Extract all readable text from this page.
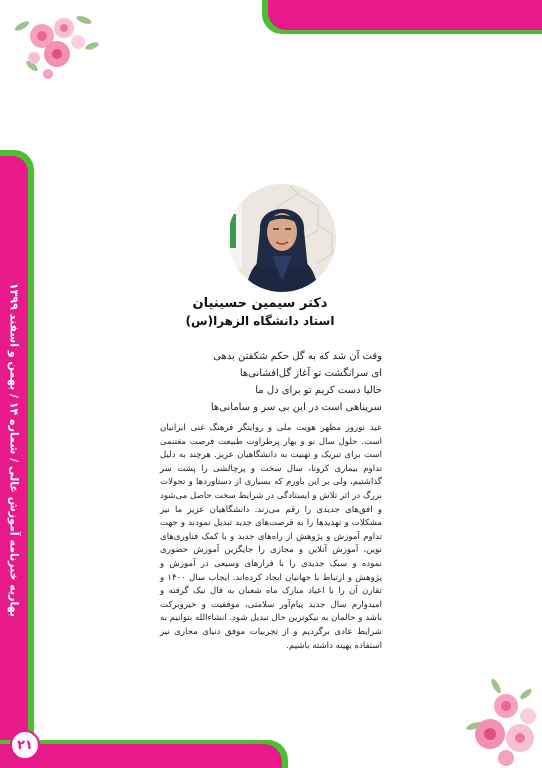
بهاریه خبرنامه آموزش عالی / شماره ۱۴ / بهمن و اسفند ۱۳۹۹
۲۱
دکتر سیمین حسینیان
استاد دانشگاه الزهرا(س)
وقت آن شد که به گل حکم شکفتن بدهی
ای سرانگشت تو آغاز گل‌افشانی‌ها
حالیا دست کریم تو برای دل ما
سرپناهی است در این بی سر و سامانی‌ها
عید نوروز مظهر هویت ملی و روایتگر فرهنگ غنی ایرانیان است. حلول سال نو و بهار پرطراوت طبیعت فرصت مغتنمی است برای تبریک و تهنیت به دانشگاهیان عزیز. هرچند به دلیل تداوم بیماری کرونا، سال سخت و پرچالشی را پشت سر گذاشتیم، ولی بر این باورم که بسیاری از دستاوردها و تحولات بزرگ در اثر تلاش و ایستادگی در شرایط سخت حاصل می‌شود و افق‌های جدیدی را رقم می‌زند. دانشگاهیان عزیز ما نیز مشکلات و تهدیدها را به فرصت‌های جدید تبدیل نمودند و جهت تداوم آموزش و پژوهش از راه‌های جدید و با کمک فناوری‌های نوین، آموزش آنلاین و مجازی را جایگزین آموزش حضوری نموده و سبک جدیدی را با فرازهای وسیعی در آموزش و پژوهش و ارتباط با جهانیان ایجاد کرده‌اند. ایجاب سال ۱۴۰۰ و تقارن آن را با اعیاد مبارک ماه شعبان به فال نیک گرفته و امیدوارم سال جدید پیام‌آور سلامتی، موفقیت و خیروبرکت باشد و حالمان به نیکوترین حال تبدیل شود. انشاءالله بتوانیم به شرایط عادی برگردیم و از تجربیات موفق دنیای مجازی نیز استفاده بهینه داشته باشیم.
